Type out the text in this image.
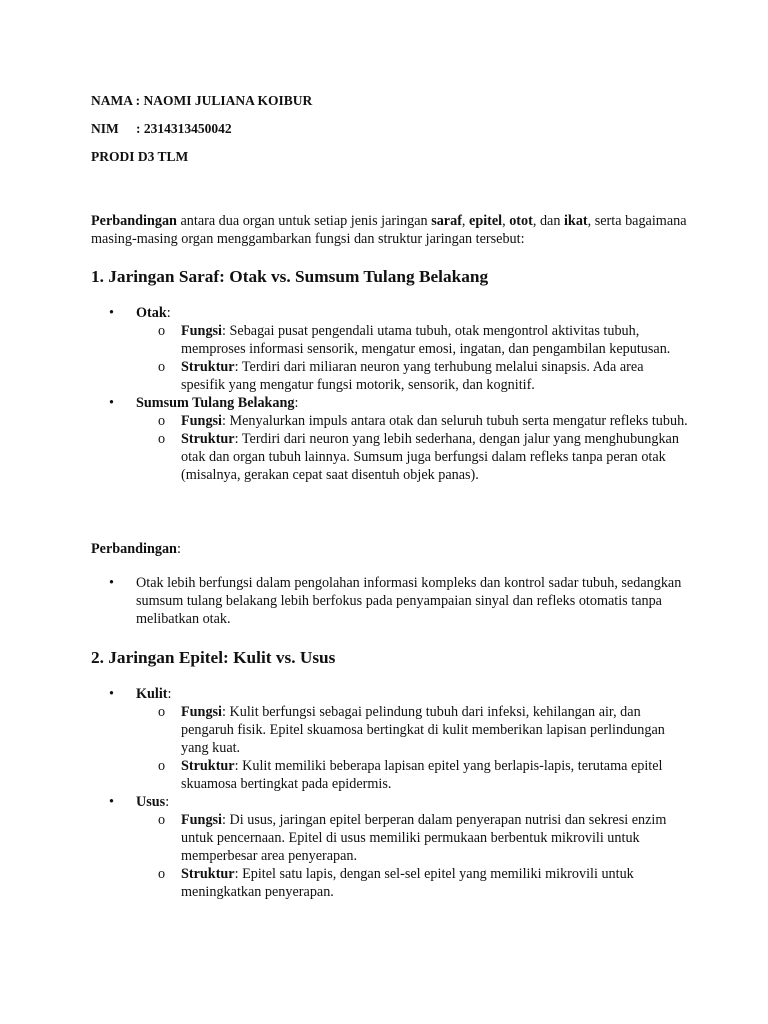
NAMA : NAOMI JULIANA KOIBUR
NIM : 2314313450042
PRODI D3 TLM

Perbandingan antara dua organ untuk setiap jenis jaringan saraf, epitel, otot, dan ikat, serta bagaimana masing-masing organ menggambarkan fungsi dan struktur jaringan tersebut:

1. Jaringan Saraf: Otak vs. Sumsum Tulang Belakang
• Otak:
o Fungsi: Sebagai pusat pengendali utama tubuh, otak mengontrol aktivitas tubuh, memproses informasi sensorik, mengatur emosi, ingatan, dan pengambilan keputusan.
o Struktur: Terdiri dari miliaran neuron yang terhubung melalui sinapsis. Ada area spesifik yang mengatur fungsi motorik, sensorik, dan kognitif.
• Sumsum Tulang Belakang:
o Fungsi: Menyalurkan impuls antara otak dan seluruh tubuh serta mengatur refleks tubuh.
o Struktur: Terdiri dari neuron yang lebih sederhana, dengan jalur yang menghubungkan otak dan organ tubuh lainnya. Sumsum juga berfungsi dalam refleks tanpa peran otak (misalnya, gerakan cepat saat disentuh objek panas).

Perbandingan:

• Otak lebih berfungsi dalam pengolahan informasi kompleks dan kontrol sadar tubuh, sedangkan sumsum tulang belakang lebih berfokus pada penyampaian sinyal dan refleks otomatis tanpa melibatkan otak.
2. Jaringan Epitel: Kulit vs. Usus
• Kulit:
o Fungsi: Kulit berfungsi sebagai pelindung tubuh dari infeksi, kehilangan air, dan pengaruh fisik. Epitel skuamosa bertingkat di kulit memberikan lapisan perlindungan yang kuat.
o Struktur: Kulit memiliki beberapa lapisan epitel yang berlapis-lapis, terutama epitel skuamosa bertingkat pada epidermis.
• Usus:
o Fungsi: Di usus, jaringan epitel berperan dalam penyerapan nutrisi dan sekresi enzim untuk pencernaan. Epitel di usus memiliki permukaan berbentuk mikrovili untuk memperbesar area penyerapan.
o Struktur: Epitel satu lapis, dengan sel-sel epitel yang memiliki mikrovili untuk meningkatkan penyerapan.
